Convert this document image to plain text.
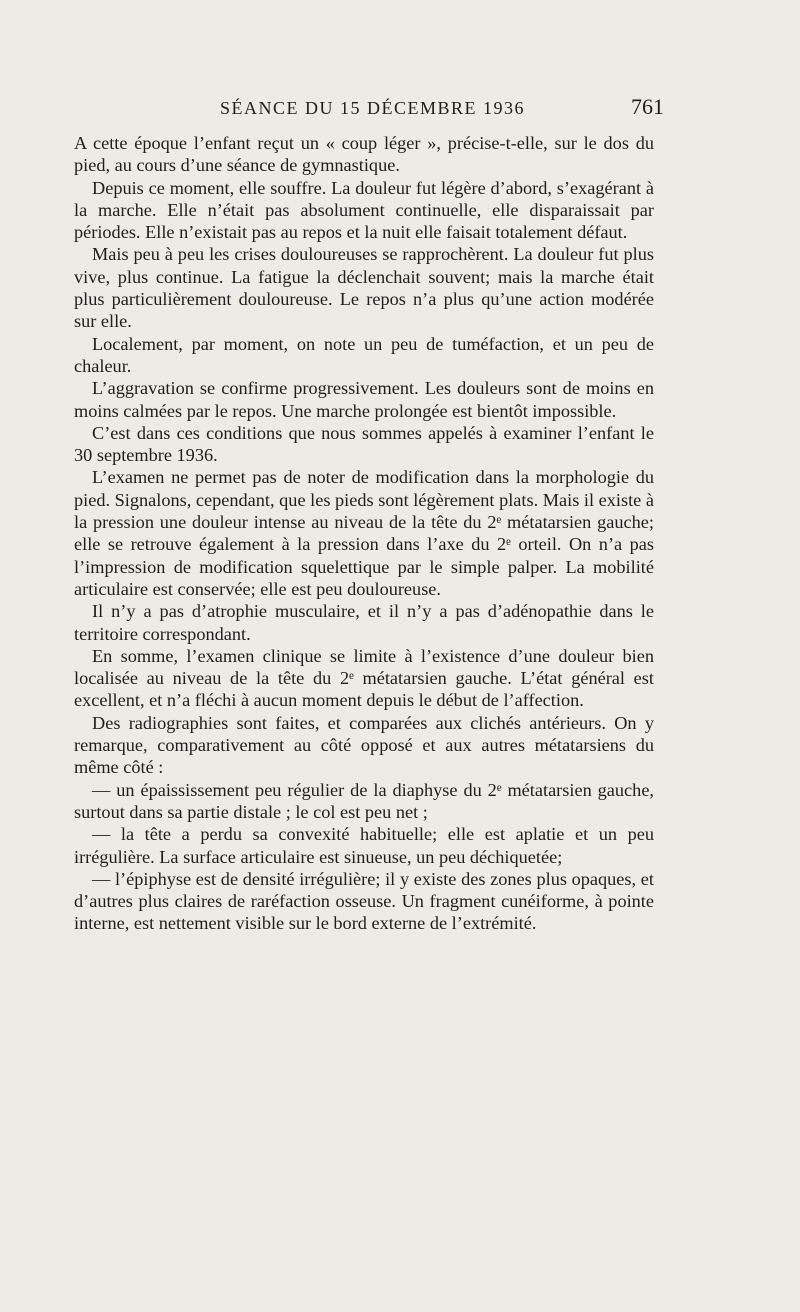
SÉANCE DU 15 DÉCEMBRE 1936	761

A cette époque l’enfant reçut un « coup léger », précise-t-elle, sur le dos du pied, au cours d’une séance de gymnastique.

Depuis ce moment, elle souffre. La douleur fut légère d’abord, s’exagérant à la marche. Elle n’était pas absolument continuelle, elle disparaissait par périodes. Elle n’existait pas au repos et la nuit elle faisait totalement défaut.

Mais peu à peu les crises douloureuses se rapprochèrent. La douleur fut plus vive, plus continue. La fatigue la déclenchait souvent; mais la marche était plus particulièrement douloureuse. Le repos n’a plus qu’une action modérée sur elle.

Localement, par moment, on note un peu de tuméfaction, et un peu de chaleur.

L’aggravation se confirme progressivement. Les douleurs sont de moins en moins calmées par le repos. Une marche prolongée est bientôt impossible.

C’est dans ces conditions que nous sommes appelés à examiner l’enfant le 30 septembre 1936.

L’examen ne permet pas de noter de modification dans la morphologie du pied. Signalons, cependant, que les pieds sont légèrement plats. Mais il existe à la pression une douleur intense au niveau de la tête du 2ᵉ métatarsien gauche; elle se retrouve également à la pression dans l’axe du 2ᵉ orteil. On n’a pas l’impression de modification squelettique par le simple palper. La mobilité articulaire est conservée; elle est peu douloureuse.

Il n’y a pas d’atrophie musculaire, et il n’y a pas d’adénopathie dans le territoire correspondant.

En somme, l’examen clinique se limite à l’existence d’une douleur bien localisée au niveau de la tête du 2ᵉ métatarsien gauche. L’état général est excellent, et n’a fléchi à aucun moment depuis le début de l’affection.

Des radiographies sont faites, et comparées aux clichés antérieurs. On y remarque, comparativement au côté opposé et aux autres métatarsiens du même côté :

— un épaississement peu régulier de la diaphyse du 2ᵉ métatarsien gauche, surtout dans sa partie distale ; le col est peu net ;

— la tête a perdu sa convexité habituelle; elle est aplatie et un peu irrégulière. La surface articulaire est sinueuse, un peu déchiquetée;

— l’épiphyse est de densité irrégulière; il y existe des zones plus opaques, et d’autres plus claires de raréfaction osseuse. Un fragment cunéiforme, à pointe interne, est nettement visible sur le bord externe de l’extrémité.
